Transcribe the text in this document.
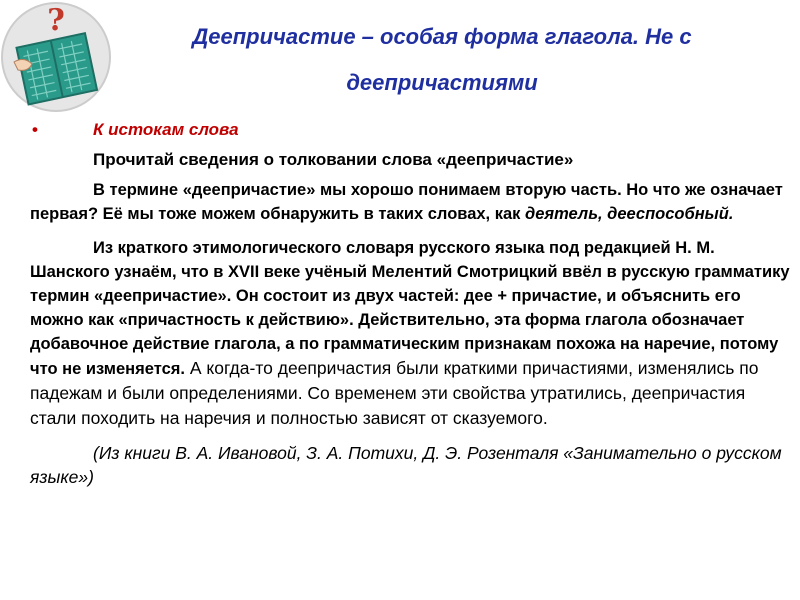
?	Деепричастие – особая форма глагола. Не с деепричастиями
•	К истокам слова
Прочитай сведения о толковании слова «деепричастие»

В термине «деепричастие» мы хорошо понимаем вторую часть. Но что же означает первая? Её мы тоже можем обнаружить в таких словах, как деятель, дееспособный.

Из краткого этимологического словаря русского языка под редакцией Н. М. Шанского узнаём, что в XVII веке учёный Мелентий Смотрицкий ввёл в русскую грамматику термин «деепричастие». Он состоит из двух частей: дее + причастие, и объяснить его можно как «причастность к действию». Действительно, эта форма глагола обозначает добавочное действие глагола, а по грамматическим признакам похожа на наречие, потому что не изменяется. А когда-то деепричастия были краткими причастиями, изменялись по падежам и были определениями. Со временем эти свойства утратились, деепричастия стали походить на наречия и полностью зависят от сказуемого.

(Из книги В. А. Ивановой, З. А. Потихи, Д. Э. Розенталя «Занимательно о русском языке»)
